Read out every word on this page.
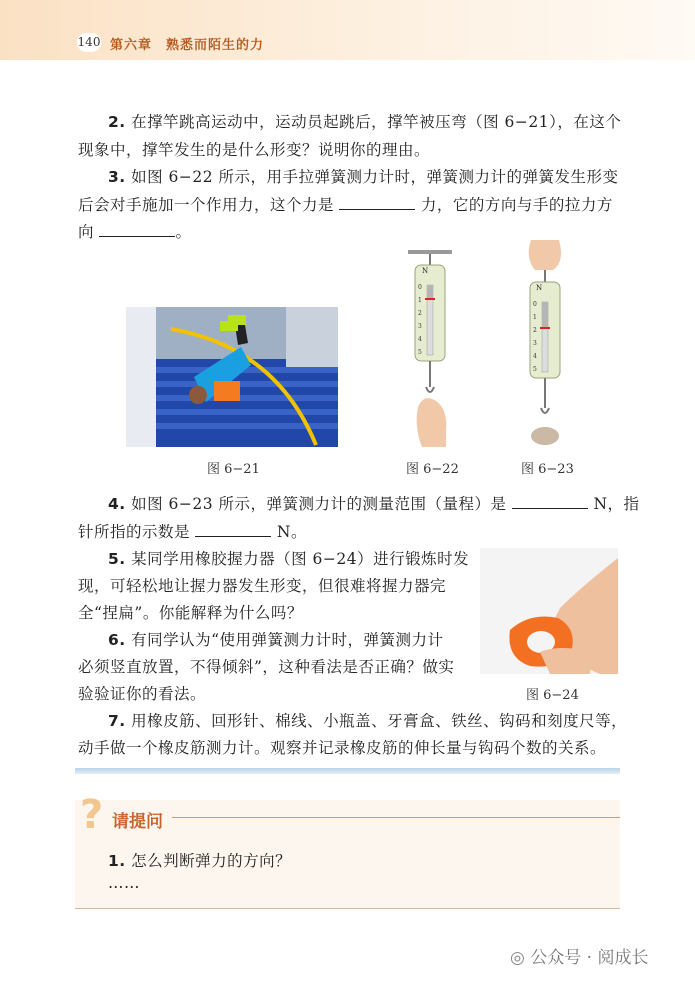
140 第六章　熟悉而陌生的力
2. 在撑竿跳高运动中，运动员起跳后，撑竿被压弯（图 6−21），在这个
现象中，撑竿发生的是什么形变？说明你的理由。
3. 如图 6−22 所示，用手拉弹簧测力计时，弹簧测力计的弹簧发生形变
后会对手施加一个作用力，这个力是	力，它的方向与手的拉力方
向	。
图 6−21
N
图 6−22
N
图 6−23
4. 如图 6−23 所示，弹簧测力计的测量范围（量程）是	N，指
针所指的示数是	N。
5. 某同学用橡胶握力器（图 6−24）进行锻炼时发
现，可轻松地让握力器发生形变，但很难将握力器完
全“捏扁”。你能解释为什么吗？
6. 有同学认为“使用弹簧测力计时，弹簧测力计
必须竖直放置，不得倾斜”，这种看法是否正确？做实
验验证你的看法。	图 6−24
7. 用橡皮筋、回形针、棉线、小瓶盖、牙膏盒、铁丝、钩码和刻度尺等，
动手做一个橡皮筋测力计。观察并记录橡皮筋的伸长量与钩码个数的关系。
? 请提问
1. 怎么判断弹力的方向？
……
◎ 公众号 · 阅成长
0
1
2
3
4
5
0
1
2
3
4
5
